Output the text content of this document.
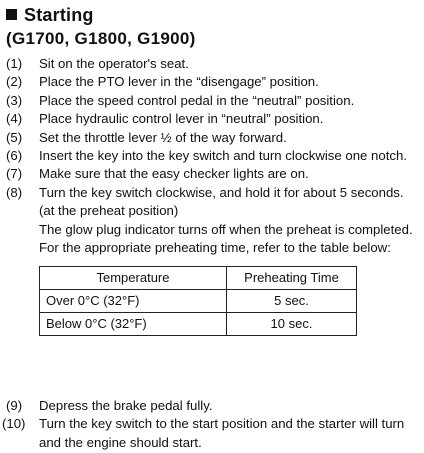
Starting
(G1700, G1800, G1900)
(1)	Sit on the operator's seat.

(2)	Place the PTO lever in the “disengage” position.

(3)	Place the speed control pedal in the “neutral” position.

(4)	Place hydraulic control lever in “neutral” position.

(5)	Set the throttle lever ½ of the way forward.

(6)	Insert the key into the key switch and turn clockwise one notch.

(7)	Make sure that the easy checker lights are on.

(8)	Turn the key switch clockwise, and hold it for about 5 seconds. (at the preheat position)

The glow plug indicator turns off when the preheat is completed.

For the appropriate preheating time, refer to the table below:

Temperature	Preheating Time
Over 0°C (32°F)	5 sec.
Below 0°C (32°F)	10 sec.
(9)	Depress the brake pedal fully.

(10)	Turn the key switch to the start position and the starter will turn and the engine should start.
